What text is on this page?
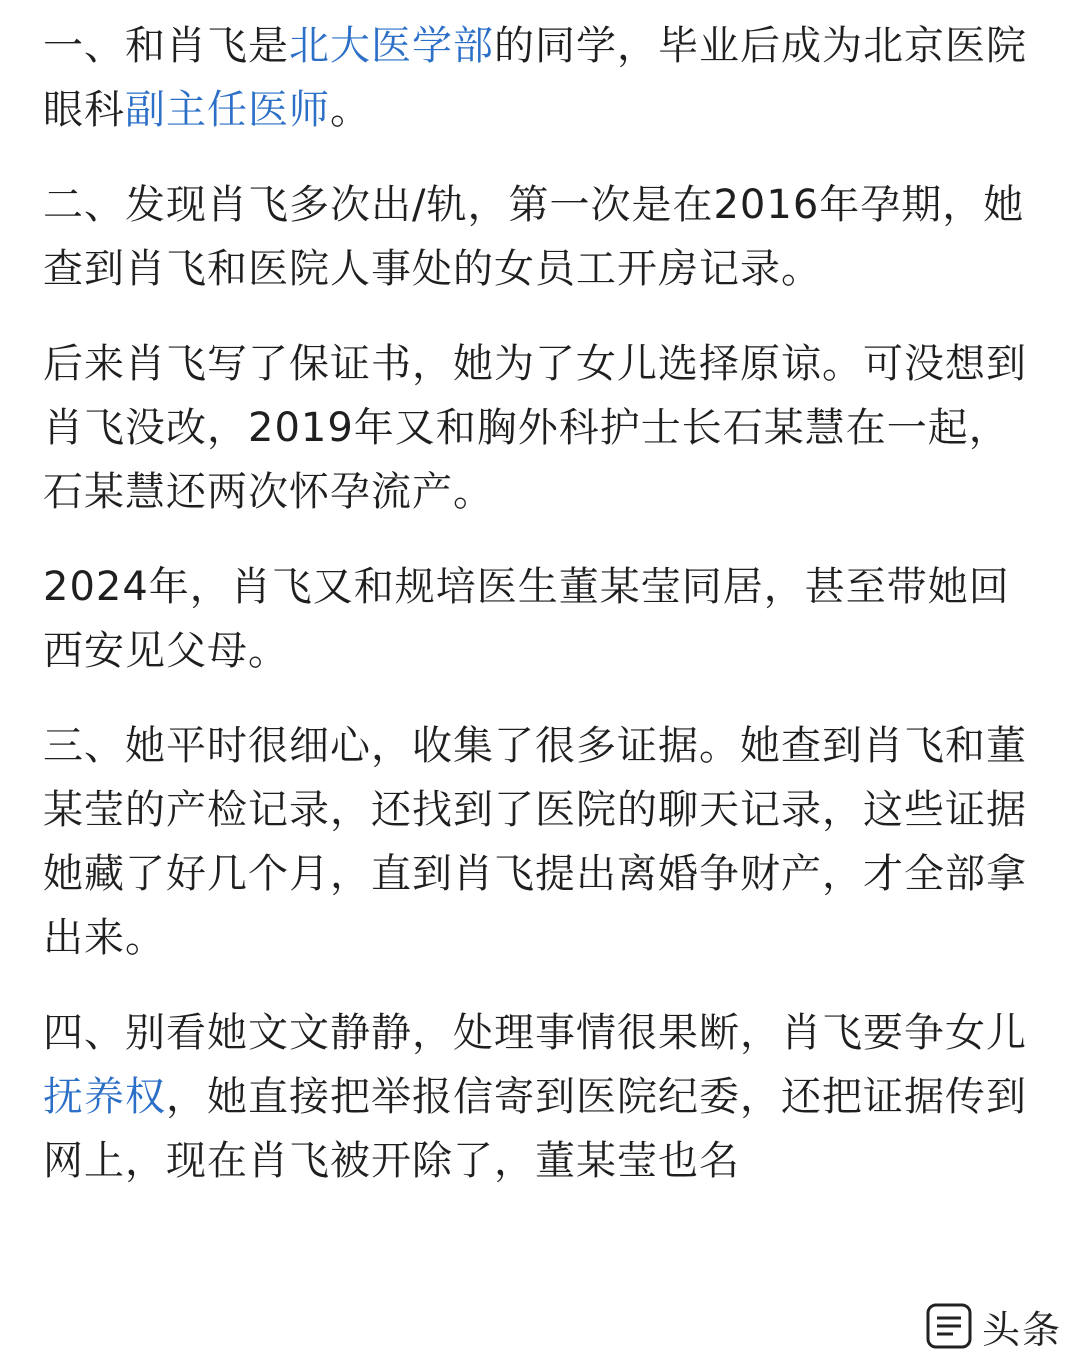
一、和肖飞是北大医学部的同学，毕业后成为北京医院眼科副主任医师。

二、发现肖飞多次出/轨，第一次是在2016年孕期，她查到肖飞和医院人事处的女员工开房记录。

后来肖飞写了保证书，她为了女儿选择原谅。可没想到肖飞没改，2019年又和胸外科护士长石某慧在一起，石某慧还两次怀孕流产。

2024年，肖飞又和规培医生董某莹同居，甚至带她回西安见父母。

三、她平时很细心，收集了很多证据。她查到肖飞和董某莹的产检记录，还找到了医院的聊天记录，这些证据她藏了好几个月，直到肖飞提出离婚争财产，才全部拿出来。

四、别看她文文静静，处理事情很果断，肖飞要争女儿抚养权，她直接把举报信寄到医院纪委，还把证据传到网上，现在肖飞被开除了，董某莹也名

头条
